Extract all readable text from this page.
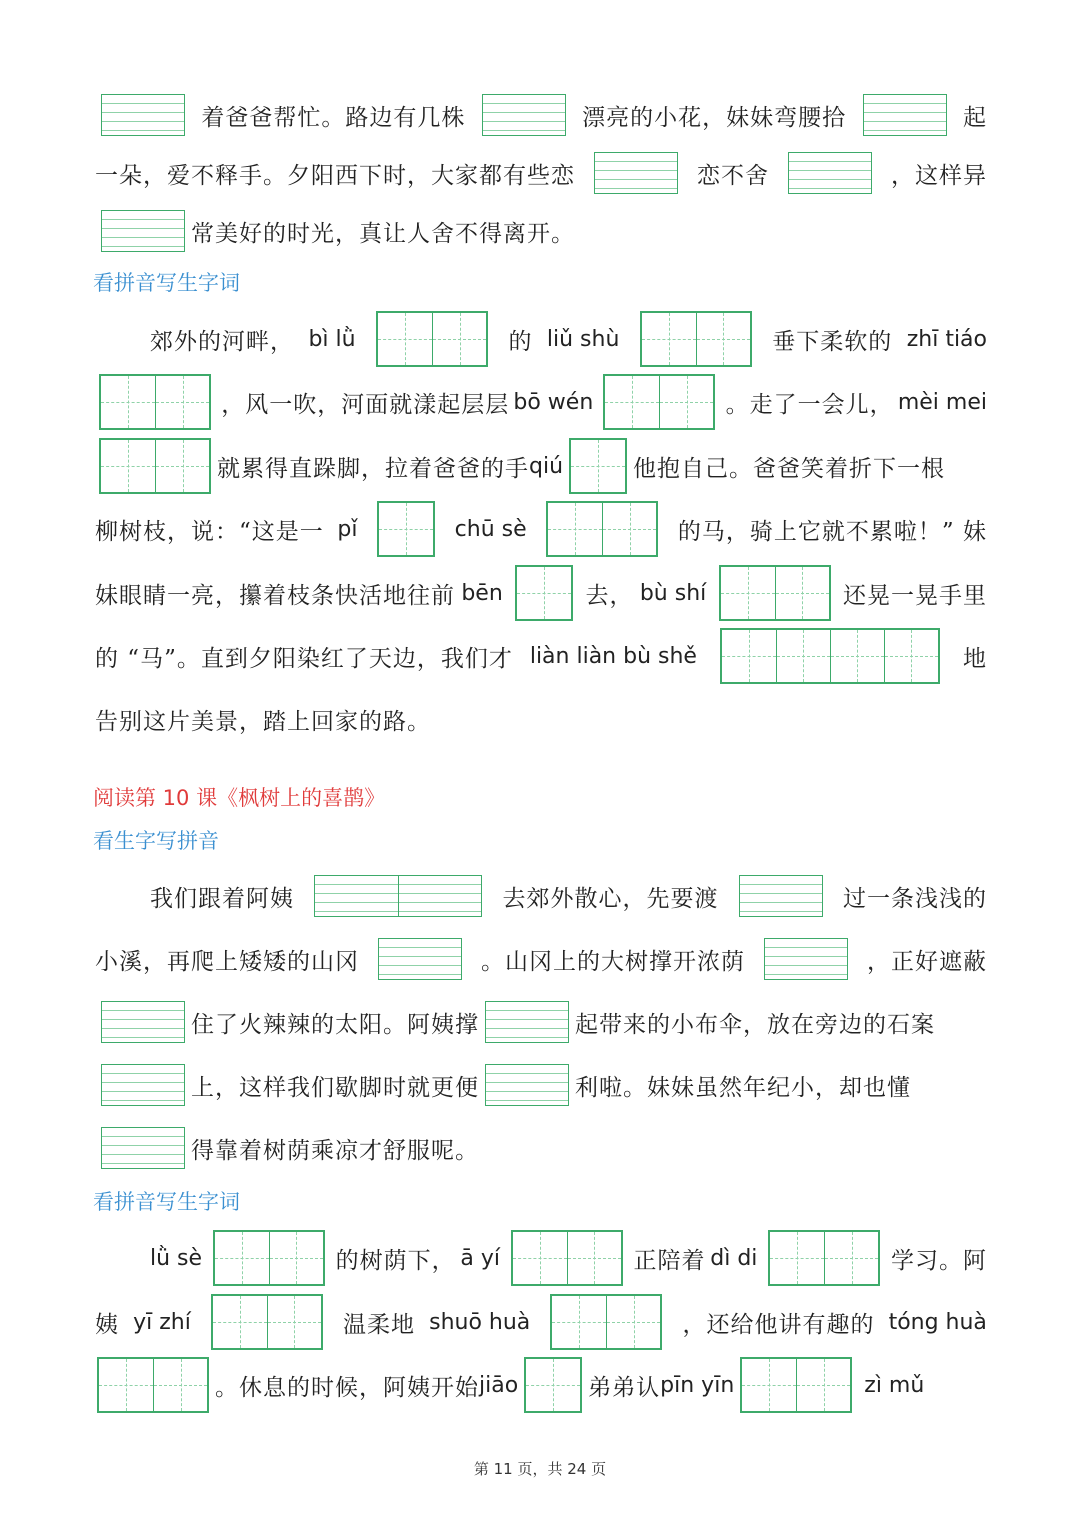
着爸爸帮忙。路边有几株	漂亮的小花，妹妹弯腰拾	起
一朵，爱不释手。夕阳西下时，大家都有些恋	恋不舍	，这样异
常美好的时光，真让人舍不得离开。
看拼音写生字词
郊外的河畔， bì lǜ	的 liǔ shù	垂下柔软的 zhī tiáo
，风一吹，河面就漾起层层 bō wén	。走了一会儿， mèi mei
就累得直跺脚，拉着爸爸的手 qiú	他抱自己。爸爸笑着折下一根
柳树枝，说：“这是一 pǐ	chū sè	的马，骑上它就不累啦！” 妹
妹眼睛一亮，攥着枝条快活地往前 bēn	去， bù shí	还晃一晃手里
的 “马”。直到夕阳染红了天边，我们才 liàn liàn bù shě	地
告别这片美景，踏上回家的路。
阅读第 10 课《枫树上的喜鹊》
看生字写拼音
我们跟着阿姨	去郊外散心，先要渡	过一条浅浅的
小溪，再爬上矮矮的山冈	。山冈上的大树撑开浓荫	，正好遮蔽
住了火辣辣的太阳。阿姨撑	起带来的小布伞，放在旁边的石案
上，这样我们歇脚时就更便	利啦。妹妹虽然年纪小，却也懂
得靠着树荫乘凉才舒服呢。
看拼音写生字词
lǜ sè	的树荫下， ā yí	正陪着 dì di	学习。阿
姨 yī zhí	温柔地 shuō huà	，还给他讲有趣的 tóng huà
。休息的时候，阿姨开始 jiāo	弟弟认 pīn yīn	zì mǔ
第 11 页，共 24 页
